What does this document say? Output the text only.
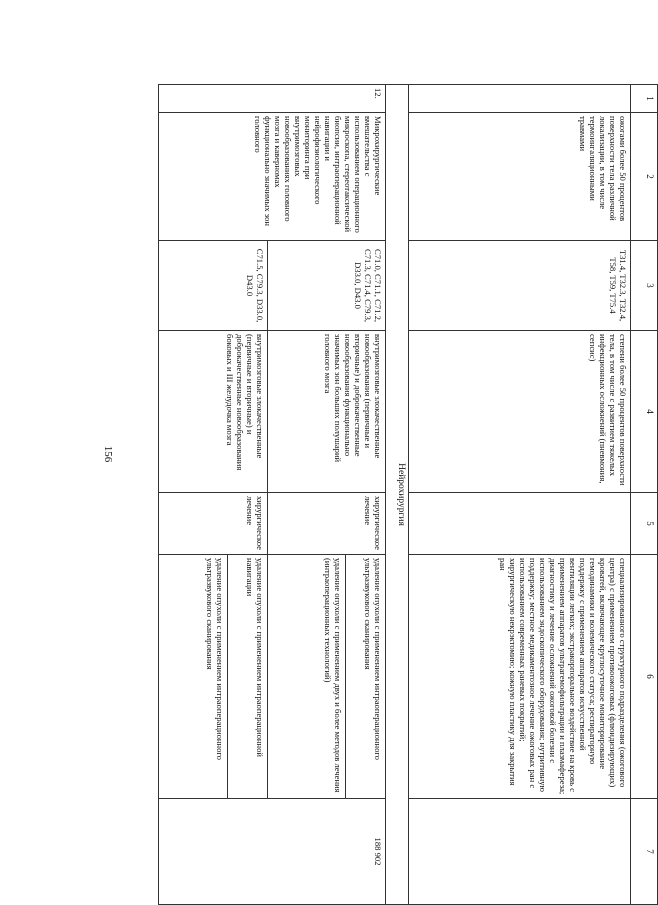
156
1	2	3	4	5	6	7
	ожогами более 50 процентов поверхности тела различной локализации, в том числе термоингаляционными травмами	T31.4, T32.3, T32.4, T58, T59, T75.4	степени более 50 процентов поверхности тела, в том числе с развитием тяжелых инфекционных осложнений (пневмония, сепсис)		специализированного структурного подразделения (ожогового центра) с применением противоожоговых (флюидизирующих) кроватей, включающее круглосуточное мониторирование гемодинамики и волемического статуса; респираторную поддержку с применением аппаратов искусственной вентиляции легких; экстракорпоральное воздействие на кровь с применением аппаратов ультрагемофильтрации и плазмафереза; диагностику и лечение осложнений ожоговой болезни с использованием эндоскопического оборудования; нутритивную поддержку; местное медикаментозное лечение ожоговых ран с использованием современных раневых покрытий; хирургическую некрэктомию; кожную пластику для закрытия ран	
Нейрохирургия						
12.	Микрохирургические вмешательства с использованием операционного микроскопа, стереотаксической биопсии, интраоперационной навигации и нейрофизиологического мониторинга при внутримозговых новообразованиях головного мозга и каверномах функционально значимых зон головного	C71.0, C71.1, C71.2, C71.3, C71.4, C79.3, D33.0, D43.0	внутримозговые злокачественные новообразования (первичные и вторичные) и доброкачественные новообразования функционально значимых зон больших полушарий головного мозга	хирургическое лечение	удаление опухоли с применением интраоперационного ультразвукового сканирования
удаление опухоли с применением двух и более методов лечения (интраоперационных технологий)	188 902
		C71.5, C79.3, D33.0, D43.0	внутримозговые злокачественные (первичные и вторичные) и доброкачественные новообразования боковых и III желудочка мозга	хирургическое лечение	удаление опухоли с применением интраоперационной навигации
удаление опухоли с применением интраоперационного ультразвукового сканирования	
